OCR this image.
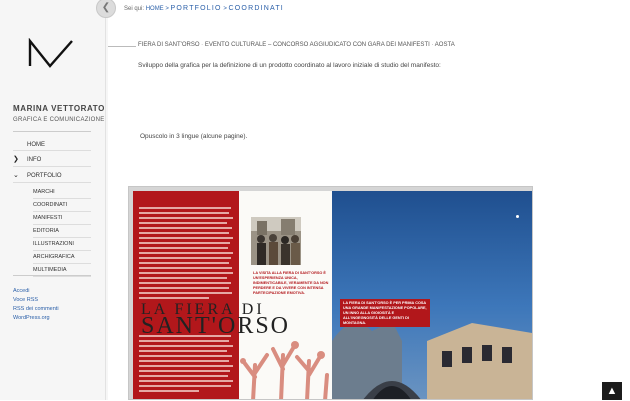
❮
MARINA VETTORATO
GRAFICA E COMUNICAZIONE
HOME
❯ INFO
⌄ PORTFOLIO
MARCHI
COORDINATI
MANIFESTI
EDITORIA
ILLUSTRAZIONI
ARCHIGRAFICA
MULTIMEDIA
Accedi
Voce RSS
RSS dei commenti
WordPress.org
Sei qui: HOME > PORTFOLIO > COORDINATI
FIERA DI SANT'ORSO · EVENTO CULTURALE – CONCORSO AGGIUDICATO CON GARA DEI MANIFESTI · AOSTA
Sviluppo della grafica per la definizione di un prodotto coordinato al lavoro iniziale di studio del manifesto:
Opuscolo in 3 lingue (alcune pagine).
LA VISITA ALLA FIERA DI SANT'ORSO È UN'ESPERIENZA UNICA, INDIMENTICABILE, VERAMENTE DA NON PERDERE E DA VIVERE CON INTENSA PARTECIPAZIONE EMOTIVA.
LA FIERA DI
SANT'ORSO
LA FIERA DI SANT'ORSO È PER PRIMA COSA UNA GRANDE MANIFESTAZIONE POPOLARE, UN INNO ALLA GIOIOSITÀ E ALL'INGEGNOSITÀ DELLE GENTI DI MONTAGNA.
▲
